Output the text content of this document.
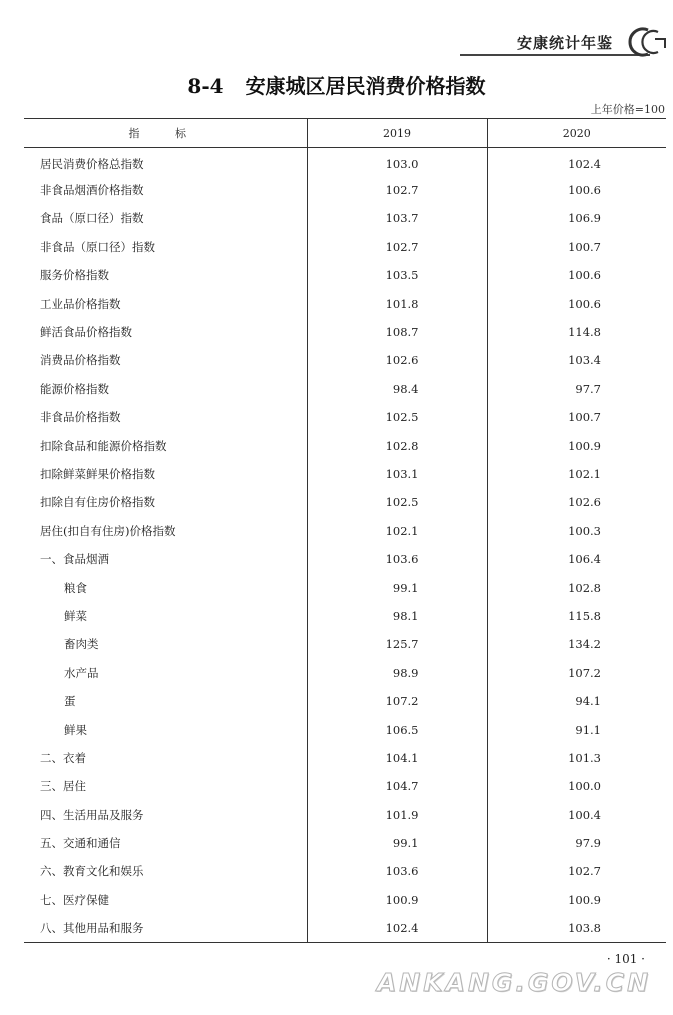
安康统计年鉴
8-4 安康城区居民消费价格指数
上年价格=100
指 标	2019	2020
居民消费价格总指数	103.0	102.4
非食品烟酒价格指数	102.7	100.6
食品（原口径）指数	103.7	106.9
非食品（原口径）指数	102.7	100.7
服务价格指数	103.5	100.6
工业品价格指数	101.8	100.6
鲜活食品价格指数	108.7	114.8
消费品价格指数	102.6	103.4
能源价格指数	98.4	97.7
非食品价格指数	102.5	100.7
扣除食品和能源价格指数	102.8	100.9
扣除鲜菜鲜果价格指数	103.1	102.1
扣除自有住房价格指数	102.5	102.6
居住(扣自有住房)价格指数	102.1	100.3
一、食品烟酒	103.6	106.4
粮食	99.1	102.8
鲜菜	98.1	115.8
畜肉类	125.7	134.2
水产品	98.9	107.2
蛋	107.2	94.1
鲜果	106.5	91.1
二、衣着	104.1	101.3
三、居住	104.7	100.0
四、生活用品及服务	101.9	100.4
五、交通和通信	99.1	97.9
六、教育文化和娱乐	103.6	102.7
七、医疗保健	100.9	100.9
八、其他用品和服务	102.4	103.8
· 101 ·
ANKANG.GOV.CN
